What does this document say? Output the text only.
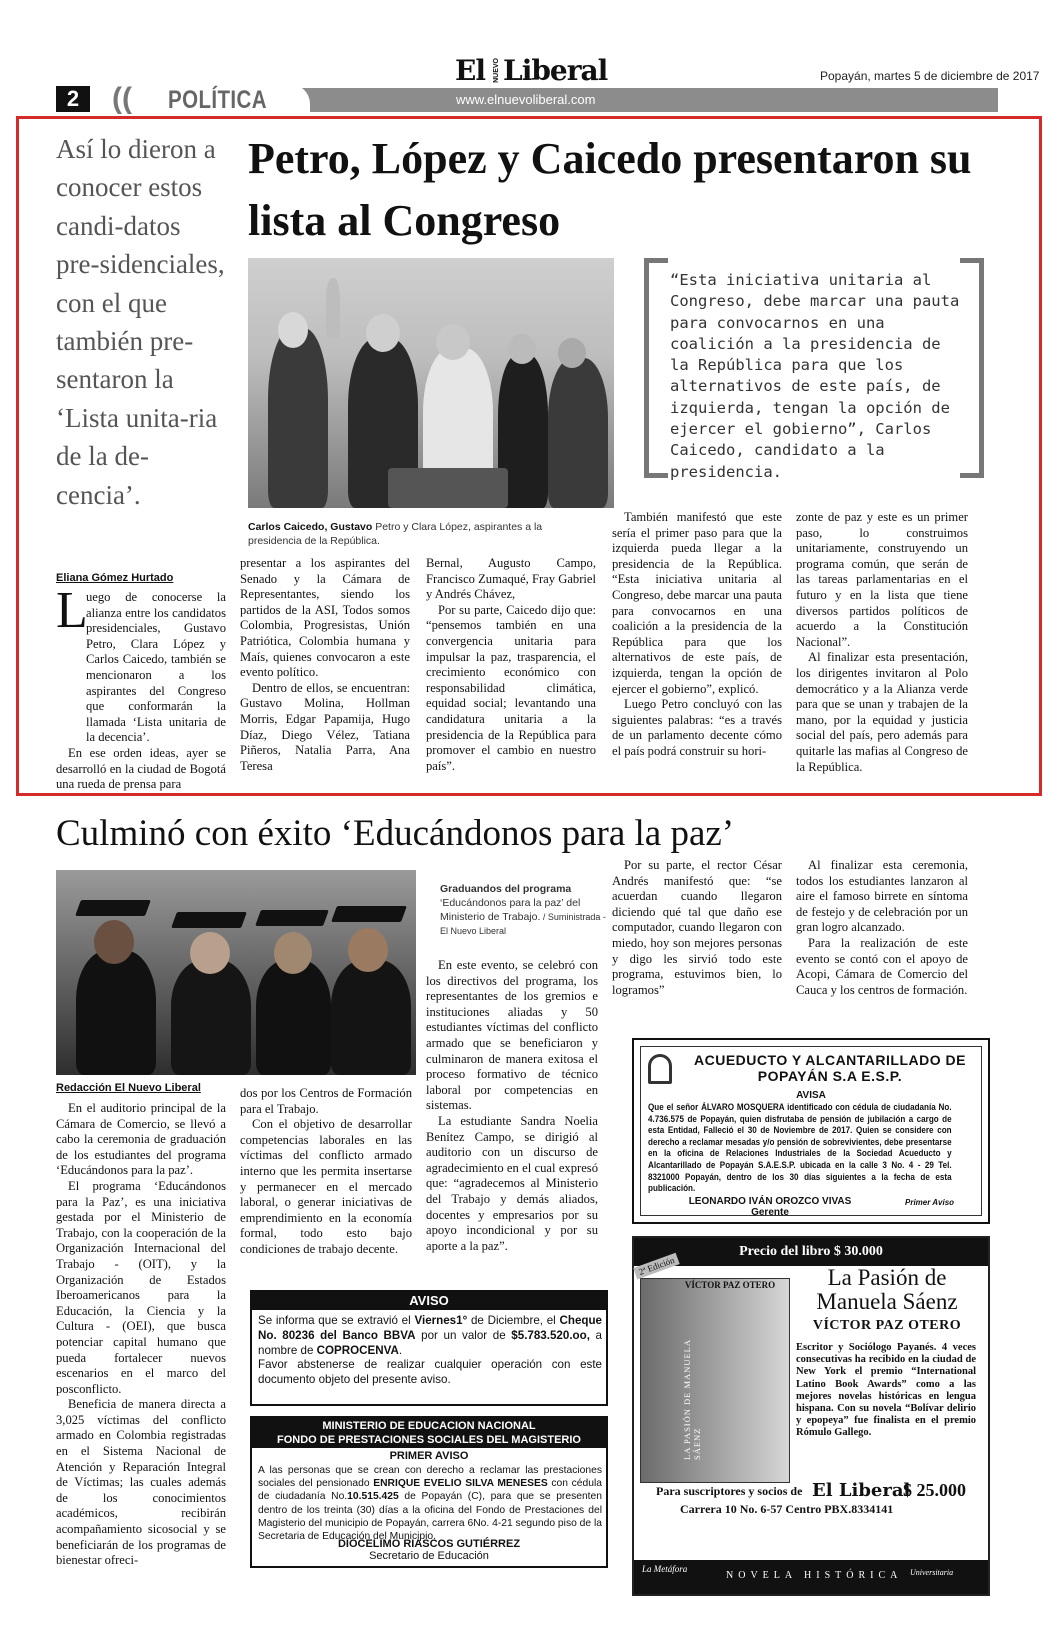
2	(( POLÍTICA
El NUEVO Liberal
www.elnuevoliberal.com
Popayán, martes 5 de diciembre de 2017
Así lo dieron a conocer estos candi-datos pre-sidenciales, con el que también pre-sentaron la ‘Lista unita-ria de la de-cencia’.
Petro, López y Caicedo presentaron su lista al Congreso
Carlos Caicedo, Gustavo Petro y Clara López, aspirantes a la presidencia de la República.
“Esta iniciativa unitaria al Congreso, debe marcar una pauta para convocarnos en una coalición a la presidencia de la República para que los alternativos de este país, de izquierda, tengan la opción de ejercer el gobierno”, Carlos Caicedo, candidato a la presidencia.
Eliana Gómez Hurtado
L

uego de conocerse la alianza entre los candidatos presidenciales, Gustavo Petro, Clara López y Carlos Caicedo, también se mencionaron a los aspirantes del Congreso que conformarán la llamada ‘Lista unitaria de la decencia’.

En ese orden ideas, ayer se desarrolló en la ciudad de Bogotá una rueda de prensa para

presentar a los aspirantes del Senado y la Cámara de Representantes, siendo los partidos de la ASI, Todos somos Colombia, Progresistas, Unión Patriótica, Colombia humana y Maís, quienes convocaron a este evento político.

Dentro de ellos, se encuentran: Gustavo Molina, Hollman Morris, Edgar Papamija, Hugo Díaz, Diego Vélez, Tatiana Piñeros, Natalia Parra, Ana Teresa

Bernal, Augusto Campo, Francisco Zumaqué, Fray Gabriel y Andrés Chávez,

Por su parte, Caicedo dijo que: “pensemos también en una convergencia unitaria para impulsar la paz, trasparencia, el crecimiento económico con responsabilidad climática, equidad social; levantando una candidatura unitaria a la presidencia de la República para promover el cambio en nuestro país”.

También manifestó que este sería el primer paso para que la izquierda pueda llegar a la presidencia de la República. “Esta iniciativa unitaria al Congreso, debe marcar una pauta para convocarnos en una coalición a la presidencia de la República para que los alternativos de este país, de izquierda, tengan la opción de ejercer el gobierno”, explicó.

Luego Petro concluyó con las siguientes palabras: “es a través de un parlamento decente cómo el país podrá construir su hori-

zonte de paz y este es un primer paso, lo construimos unitariamente, construyendo un programa común, que serán de las tareas parlamentarias en el futuro y en la lista que tiene diversos partidos políticos de acuerdo a la Constitución Nacional”.

Al finalizar esta presentación, los dirigentes invitaron al Polo democrático y a la Alianza verde para que se unan y trabajen de la mano, por la equidad y justicia social del país, pero además para quitarle las mafias al Congreso de la República.

Culminó con éxito ‘Educándonos para la paz’
Graduandos del programa ‘Educándonos para la paz’ del Ministerio de Trabajo. / Suministrada - El Nuevo Liberal
Redacción El Nuevo Liberal

En el auditorio principal de la Cámara de Comercio, se llevó a cabo la ceremonia de graduación de los estudiantes del programa ‘Educándonos para la paz’.

El programa ‘Educándonos para la Paz’, es una iniciativa gestada por el Ministerio de Trabajo, con la cooperación de la Organización Internacional del Trabajo - (OIT), y la Organización de Estados Iberoamericanos para la Educación, la Ciencia y la Cultura - (OEI), que busca potenciar capital humano que pueda fortalecer nuevos escenarios en el marco del posconflicto.

Beneficia de manera directa a 3,025 víctimas del conflicto armado en Colombia registradas en el Sistema Nacional de Atención y Reparación Integral de Víctimas; las cuales además de los conocimientos académicos, recibirán acompañamiento sicosocial y se beneficiarán de los programas de bienestar ofreci-

dos por los Centros de Formación para el Trabajo.

Con el objetivo de desarrollar competencias laborales en las víctimas del conflicto armado interno que les permita insertarse y permanecer en el mercado laboral, o generar iniciativas de emprendimiento en la economía formal, todo esto bajo condiciones de trabajo decente.

En este evento, se celebró con los directivos del programa, los representantes de los gremios e instituciones aliadas y 50 estudiantes víctimas del conflicto armado que se beneficiaron y culminaron de manera exitosa el proceso formativo de técnico laboral por competencias en sistemas.

La estudiante Sandra Noelia Benítez Campo, se dirigió al auditorio con un discurso de agradecimiento en el cual expresó que: “agradecemos al Ministerio del Trabajo y demás aliados, docentes y empresarios por su apoyo incondicional y por su aporte a la paz”.

Por su parte, el rector César Andrés manifestó que: “se acuerdan cuando llegaron diciendo qué tal que daño ese computador, cuando llegaron con miedo, hoy son mejores personas y digo les sirvió todo este programa, estuvimos bien, lo logramos”

Al finalizar esta ceremonia, todos los estudiantes lanzaron al aire el famoso birrete en síntoma de festejo y de celebración por un gran logro alcanzado.

Para la realización de este evento se contó con el apoyo de Acopi, Cámara de Comercio del Cauca y los centros de formación.

AVISO
Se informa que se extravió el Viernes1° de Diciembre, el Cheque No. 80236 del Banco BBVA por un valor de $5.783.520.oo, a nombre de COPROCENVA.
Favor abstenerse de realizar cualquier operación con este documento objeto del presente aviso.
MINISTERIO DE EDUCACION NACIONAL
FONDO DE PRESTACIONES SOCIALES DEL MAGISTERIO
PRIMER AVISO
A las personas que se crean con derecho a reclamar las prestaciones sociales del pensionado ENRIQUE EVELIO SILVA MENESES con cédula de ciudadanía No.10.515.425 de Popayán (C), para que se presenten dentro de los treinta (30) días a la oficina del Fondo de Prestaciones del Magisterio del municipio de Popayán, carrera 6No. 4-21 segundo piso de la Secretaria de Educación del Municipio.
DIOCELIMO RIASCOS GUTIÉRREZ
Secretario de Educación
ACUEDUCTO Y ALCANTARILLADO DE POPAYÁN S.A E.S.P.
AVISA
Que el señor ÁLVARO MOSQUERA identificado con cédula de ciudadanía No. 4.736.575 de Popayán, quien disfrutaba de pensión de jubilación a cargo de esta Entidad, Falleció el 30 de Noviembre de 2017. Quien se considere con derecho a reclamar mesadas y/o pensión de sobrevivientes, debe presentarse en la oficina de Relaciones Industriales de la Sociedad Acueducto y Alcantarillado de Popayán S.A.E.S.P. ubicada en la calle 3 No. 4 - 29 Tel. 8321000 Popayán, dentro de los 30 días siguientes a la fecha de esta publicación.
LEONARDO IVÁN OROZCO VIVAS
Gerente
Primer Aviso
Precio del libro $ 30.000
2ª Edición
VÍCTOR PAZ OTERO
LA PASIÓN DE MANUELA SÁENZ
La Pasión de Manuela Sáenz
VÍCTOR PAZ OTERO
Escritor y Sociólogo Payanés. 4 veces consecutivas ha recibido en la ciudad de New York el premio “International Latino Book Awards” como a las mejores novelas históricas en lengua hispana. Con su novela “Bolívar delirio y epopeya” fue finalista en el premio Rómulo Gallego.
Para suscriptores y socios de El Liberal
$ 25.000
Carrera 10 No. 6-57 Centro PBX.8334141
La Metáfora
NOVELA HISTÓRICA Universitaria
